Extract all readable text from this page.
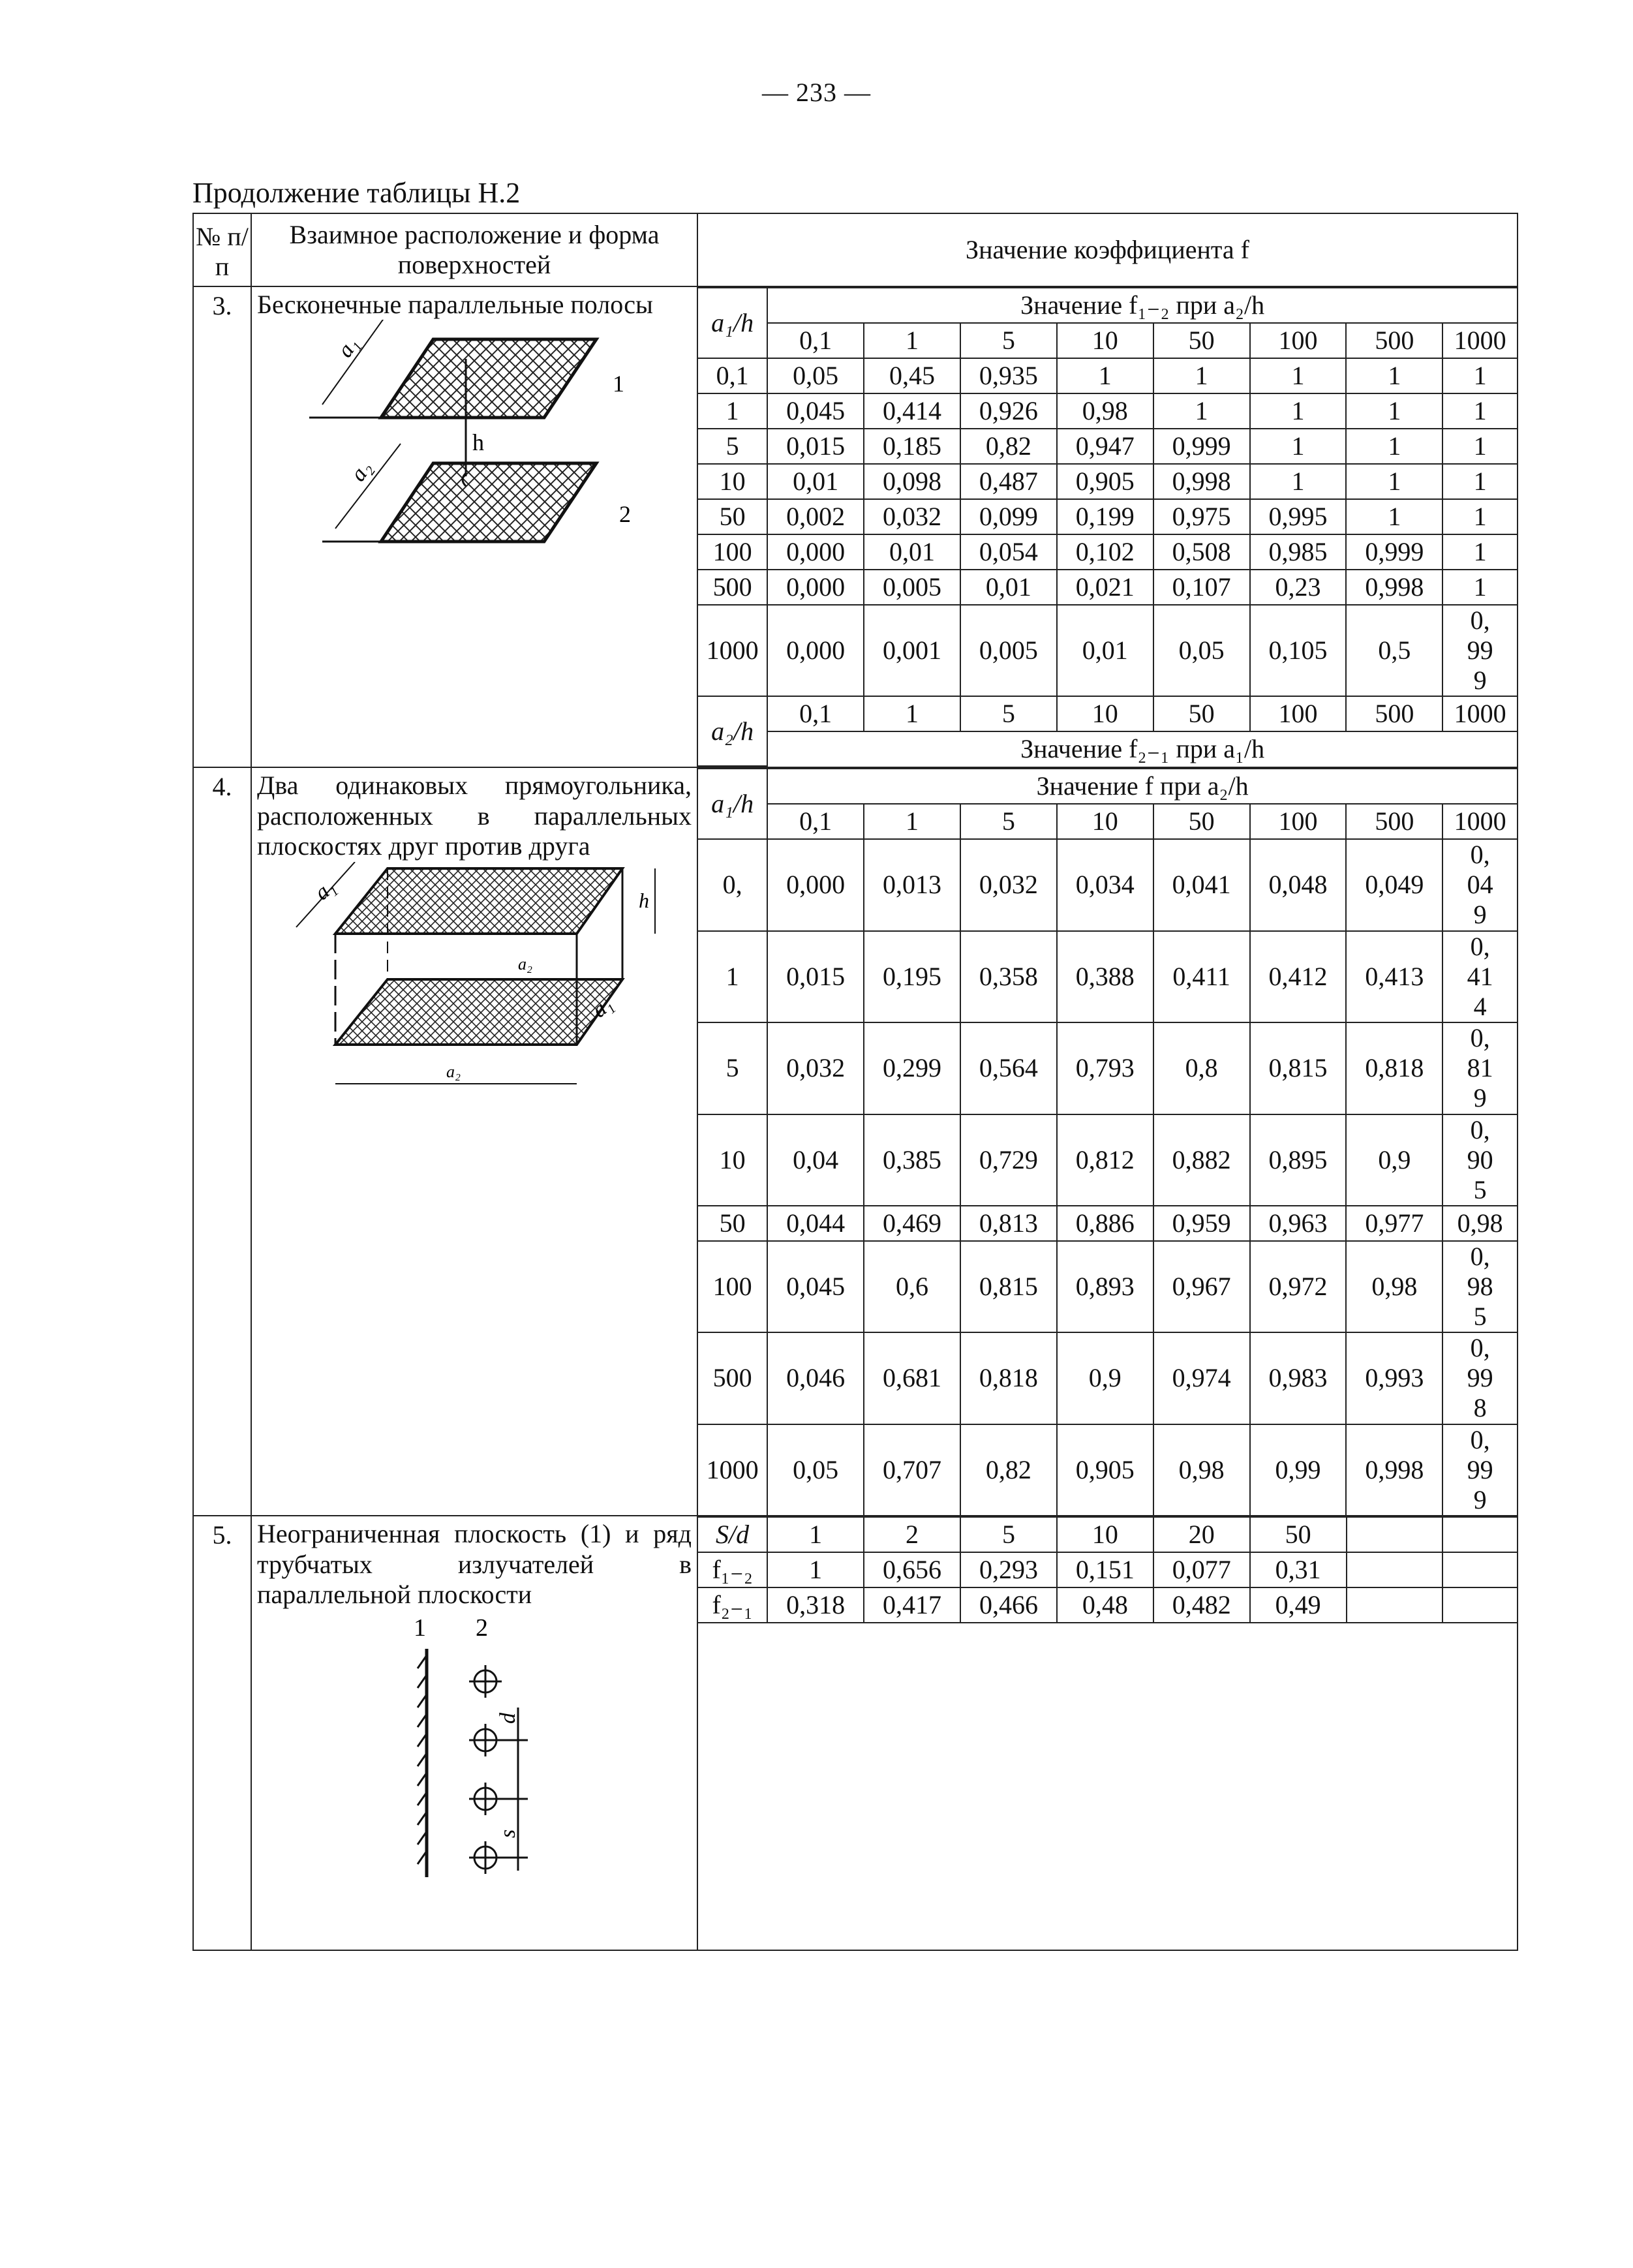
— 233 —
Продолжение таблицы Н.2
№ п/п	Взаимное расположение и форма поверхностей	Значение коэффициента f
3.	Бесконечные параллельные полосы
a₁
a₂
h
1
2

a₁/h	Значение f₁₋₂ при a₂/h
0,1	1	5	10	50	100	500	1000
0,1	0,05	0,45	0,935	1	1	1	1	1
1	0,045	0,414	0,926	0,98	1	1	1	1
5	0,015	0,185	0,82	0,947	0,999	1	1	1
10	0,01	0,098	0,487	0,905	0,998	1	1	1
50	0,002	0,032	0,099	0,199	0,975	0,995	1	1
100	0,000	0,01	0,054	0,102	0,508	0,985	0,999	1
500	0,000	0,005	0,01	0,021	0,107	0,23	0,998	1
1000	0,000	0,001	0,005	0,01	0,05	0,105	0,5	0,999
a₂/h	0,1	1	5	10	50	100	500	1000
Значение f₂₋₁ при a₁/h

4.	Два одинаковых прямоугольника, расположенных в параллельных плоскостях друг против друга
a₁
a₂
h
a₁
a₂

a₁/h	Значение f при a₂/h
0,1	1	5	10	50	100	500	1000
0,	0,000	0,013	0,032	0,034	0,041	0,048	0,049	0,049
1	0,015	0,195	0,358	0,388	0,411	0,412	0,413	0,414
5	0,032	0,299	0,564	0,793	0,8	0,815	0,818	0,819
10	0,04	0,385	0,729	0,812	0,882	0,895	0,9	0,905
50	0,044	0,469	0,813	0,886	0,959	0,963	0,977	0,98
100	0,045	0,6	0,815	0,893	0,967	0,972	0,98	0,985
500	0,046	0,681	0,818	0,9	0,974	0,983	0,993	0,998
1000	0,05	0,707	0,82	0,905	0,98	0,99	0,998	0,999

5.	Неограниченная плоскость (1) и ряд трубчатых излучателей в параллельной плоскости
1 2
d
s

S/d	1	2	5	10	20	50		
f₁₋₂	1	0,656	0,293	0,151	0,077	0,31		
f₂₋₁	0,318	0,417	0,466	0,48	0,482	0,49		
